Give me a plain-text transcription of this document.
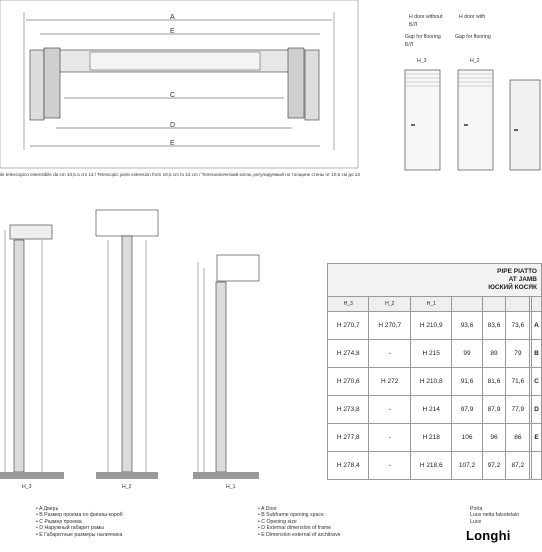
A
E
C
D
E
ile telescopico estensibile da cm 10,5 a cm 13 / Telescopic jamb extension from 10,5 cm to 13 cm / Телескопический косяк, регулируемый по толщине стены от 10,5 см до 13
H door without	H door with
Б/Л
Gap for flooring	Gap for flooring
Б/Л
H_3	H_2
H_3	H_2	H_1
PIPE PIATTO
AT JAMB
ЮСКИЙ КОСЯК							
H_3	H_2	H_1					
H 270,7	H 270,7	H 210,9	93,6	83,6	73,6		A
H 274,8	-	H 215	99	89	79		B
H 270,6	H 272	H 210,8	91,6	81,6	71,6		C
H 273,8	-	H 214	97,9	87,9	77,9		D
H 277,8	-	H 218	106	96	86		E
H 278,4	-	H 218,6	107,2	97,2	87,2		
• A Дверь
• B Размер проема по финиш-короб
• C Размер проема
• D Наружный габарит рамы
• E Габаритные размеры наличника
• A Door
• B Subframe opening space
• C Opening size
• D External dimension of frame
• E Dimension external of architrave
Porta
Luce netta falsotelaio
Luce
Longhi
